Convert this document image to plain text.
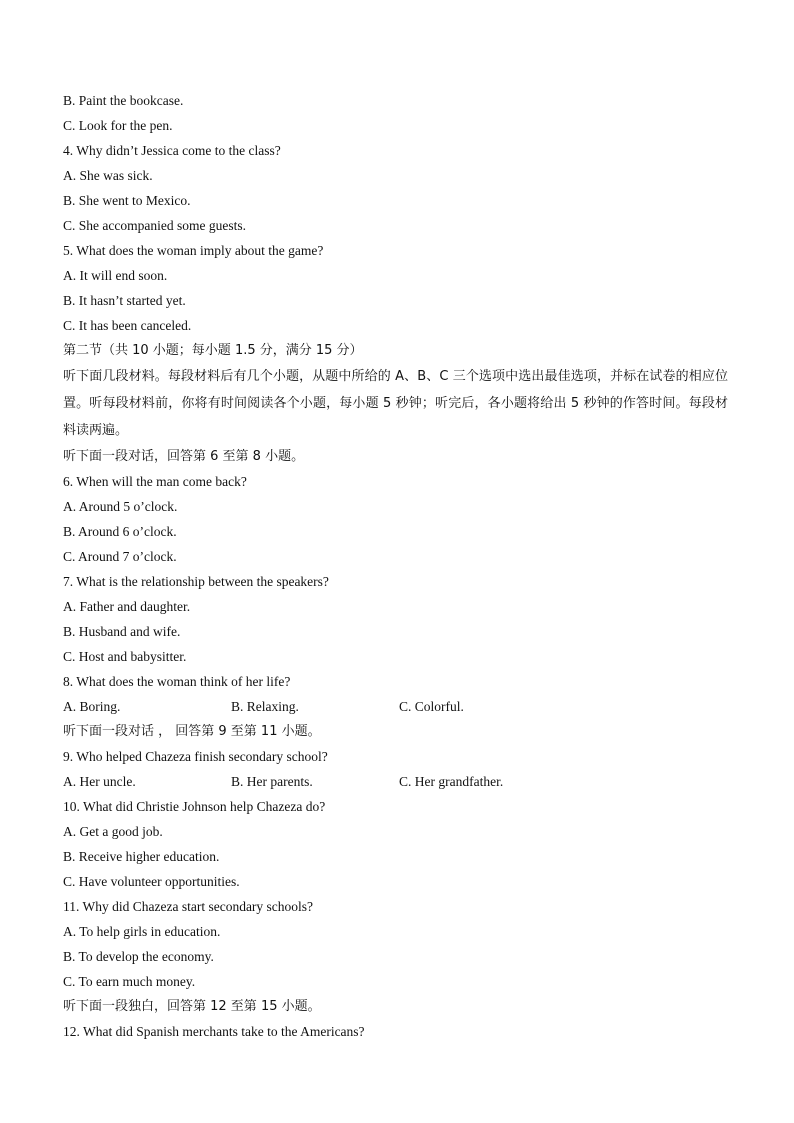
B. Paint the bookcase.
C. Look for the pen.
4. Why didn’t Jessica come to the class?
A. She was sick.
B. She went to Mexico.
C. She accompanied some guests.
5. What does the woman imply about the game?
A. It will end soon.
B. It hasn’t started yet.
C. It has been canceled.
第二节（共 10 小题；每小题 1.5 分，满分 15 分）
听下面几段材料。每段材料后有几个小题，从题中所给的 A、B、C 三个选项中选出最佳选项，并标在试卷的相应位置。听每段材料前，你将有时间阅读各个小题，每小题 5 秒钟；听完后，各小题将给出 5 秒钟的作答时间。每段材料读两遍。
听下面一段对话，回答第 6 至第 8 小题。
6. When will the man come back?
A. Around 5 o’clock.
B. Around 6 o’clock.
C. Around 7 o’clock.
7. What is the relationship between the speakers?
A. Father and daughter.
B. Husband and wife.
C. Host and babysitter.
8. What does the woman think of her life?
A. Boring.	B. Relaxing.	C. Colorful.
听下面一段对话 ， 回答第 9 至第 11 小题。
9. Who helped Chazeza finish secondary school?
A. Her uncle.	B. Her parents.	C. Her grandfather.
10. What did Christie Johnson help Chazeza do?
A. Get a good job.
B. Receive higher education.
C. Have volunteer opportunities.
11. Why did Chazeza start secondary schools?
A. To help girls in education.
B. To develop the economy.
C. To earn much money.
听下面一段独白，回答第 12 至第 15 小题。
12. What did Spanish merchants take to the Americans?
